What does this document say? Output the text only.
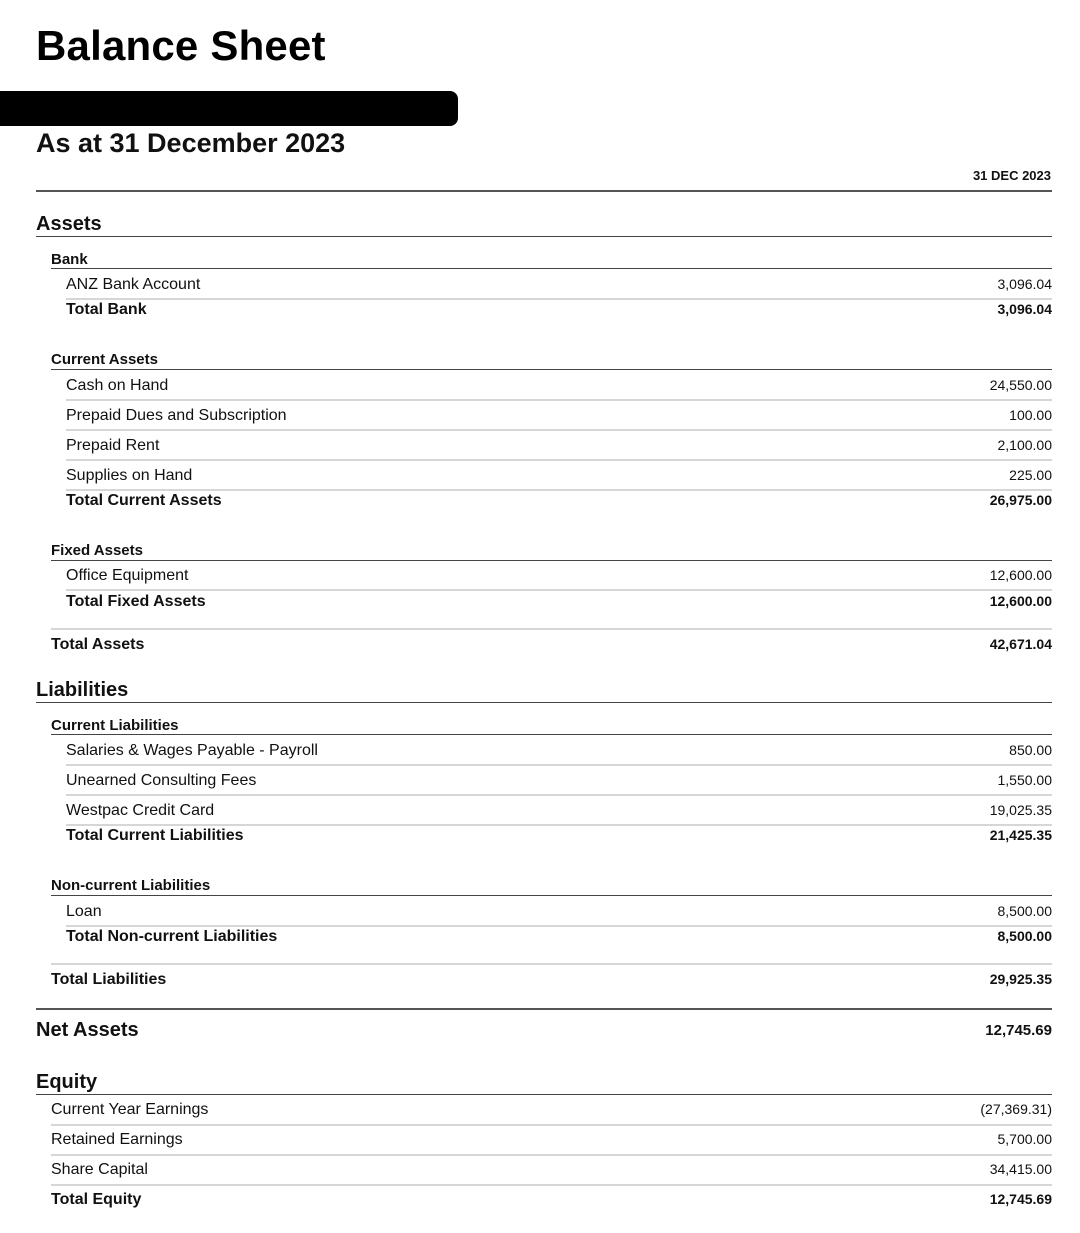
Balance Sheet
As at 31 December 2023
31 DEC 2023
Assets
Bank
ANZ Bank Account	3,096.04
Total Bank	3,096.04
Current Assets
Cash on Hand	24,550.00
Prepaid Dues and Subscription	100.00
Prepaid Rent	2,100.00
Supplies on Hand	225.00
Total Current Assets	26,975.00
Fixed Assets
Office Equipment	12,600.00
Total Fixed Assets	12,600.00
Total Assets	42,671.04
Liabilities
Current Liabilities
Salaries & Wages Payable - Payroll	850.00
Unearned Consulting Fees	1,550.00
Westpac Credit Card	19,025.35
Total Current Liabilities	21,425.35
Non-current Liabilities
Loan	8,500.00
Total Non-current Liabilities	8,500.00
Total Liabilities	29,925.35
Net Assets	12,745.69
Equity
Current Year Earnings	(27,369.31)
Retained Earnings	5,700.00
Share Capital	34,415.00
Total Equity	12,745.69
